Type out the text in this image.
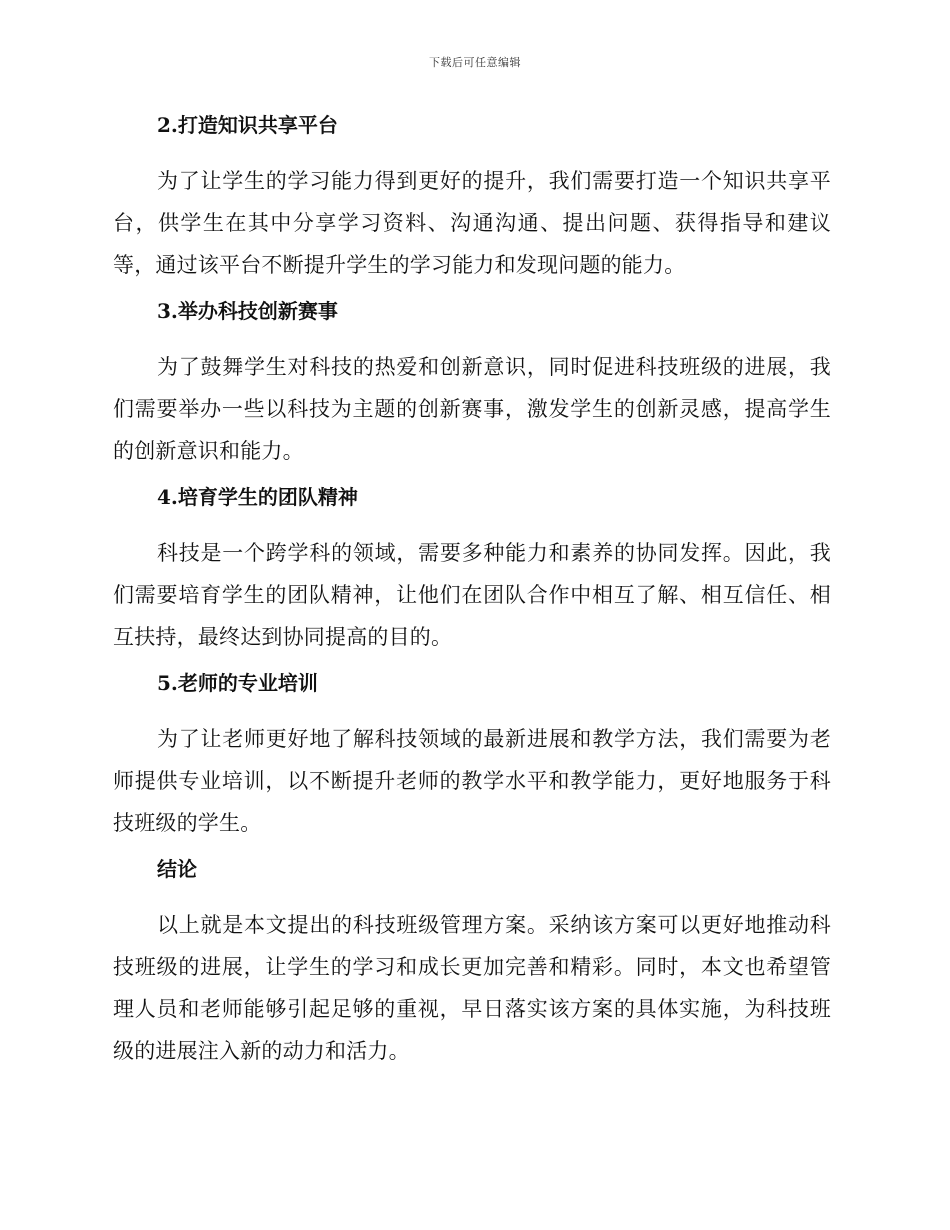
下载后可任意编辑
2.打造知识共享平台
为了让学生的学习能力得到更好的提升，我们需要打造一个知识共享平台，供学生在其中分享学习资料、沟通沟通、提出问题、获得指导和建议等，通过该平台不断提升学生的学习能力和发现问题的能力。
3.举办科技创新赛事
为了鼓舞学生对科技的热爱和创新意识，同时促进科技班级的进展，我们需要举办一些以科技为主题的创新赛事，激发学生的创新灵感，提高学生的创新意识和能力。
4.培育学生的团队精神
科技是一个跨学科的领域，需要多种能力和素养的协同发挥。因此，我们需要培育学生的团队精神，让他们在团队合作中相互了解、相互信任、相互扶持，最终达到协同提高的目的。
5.老师的专业培训
为了让老师更好地了解科技领域的最新进展和教学方法，我们需要为老师提供专业培训，以不断提升老师的教学水平和教学能力，更好地服务于科技班级的学生。
结论
以上就是本文提出的科技班级管理方案。采纳该方案可以更好地推动科技班级的进展，让学生的学习和成长更加完善和精彩。同时，本文也希望管理人员和老师能够引起足够的重视，早日落实该方案的具体实施，为科技班级的进展注入新的动力和活力。
